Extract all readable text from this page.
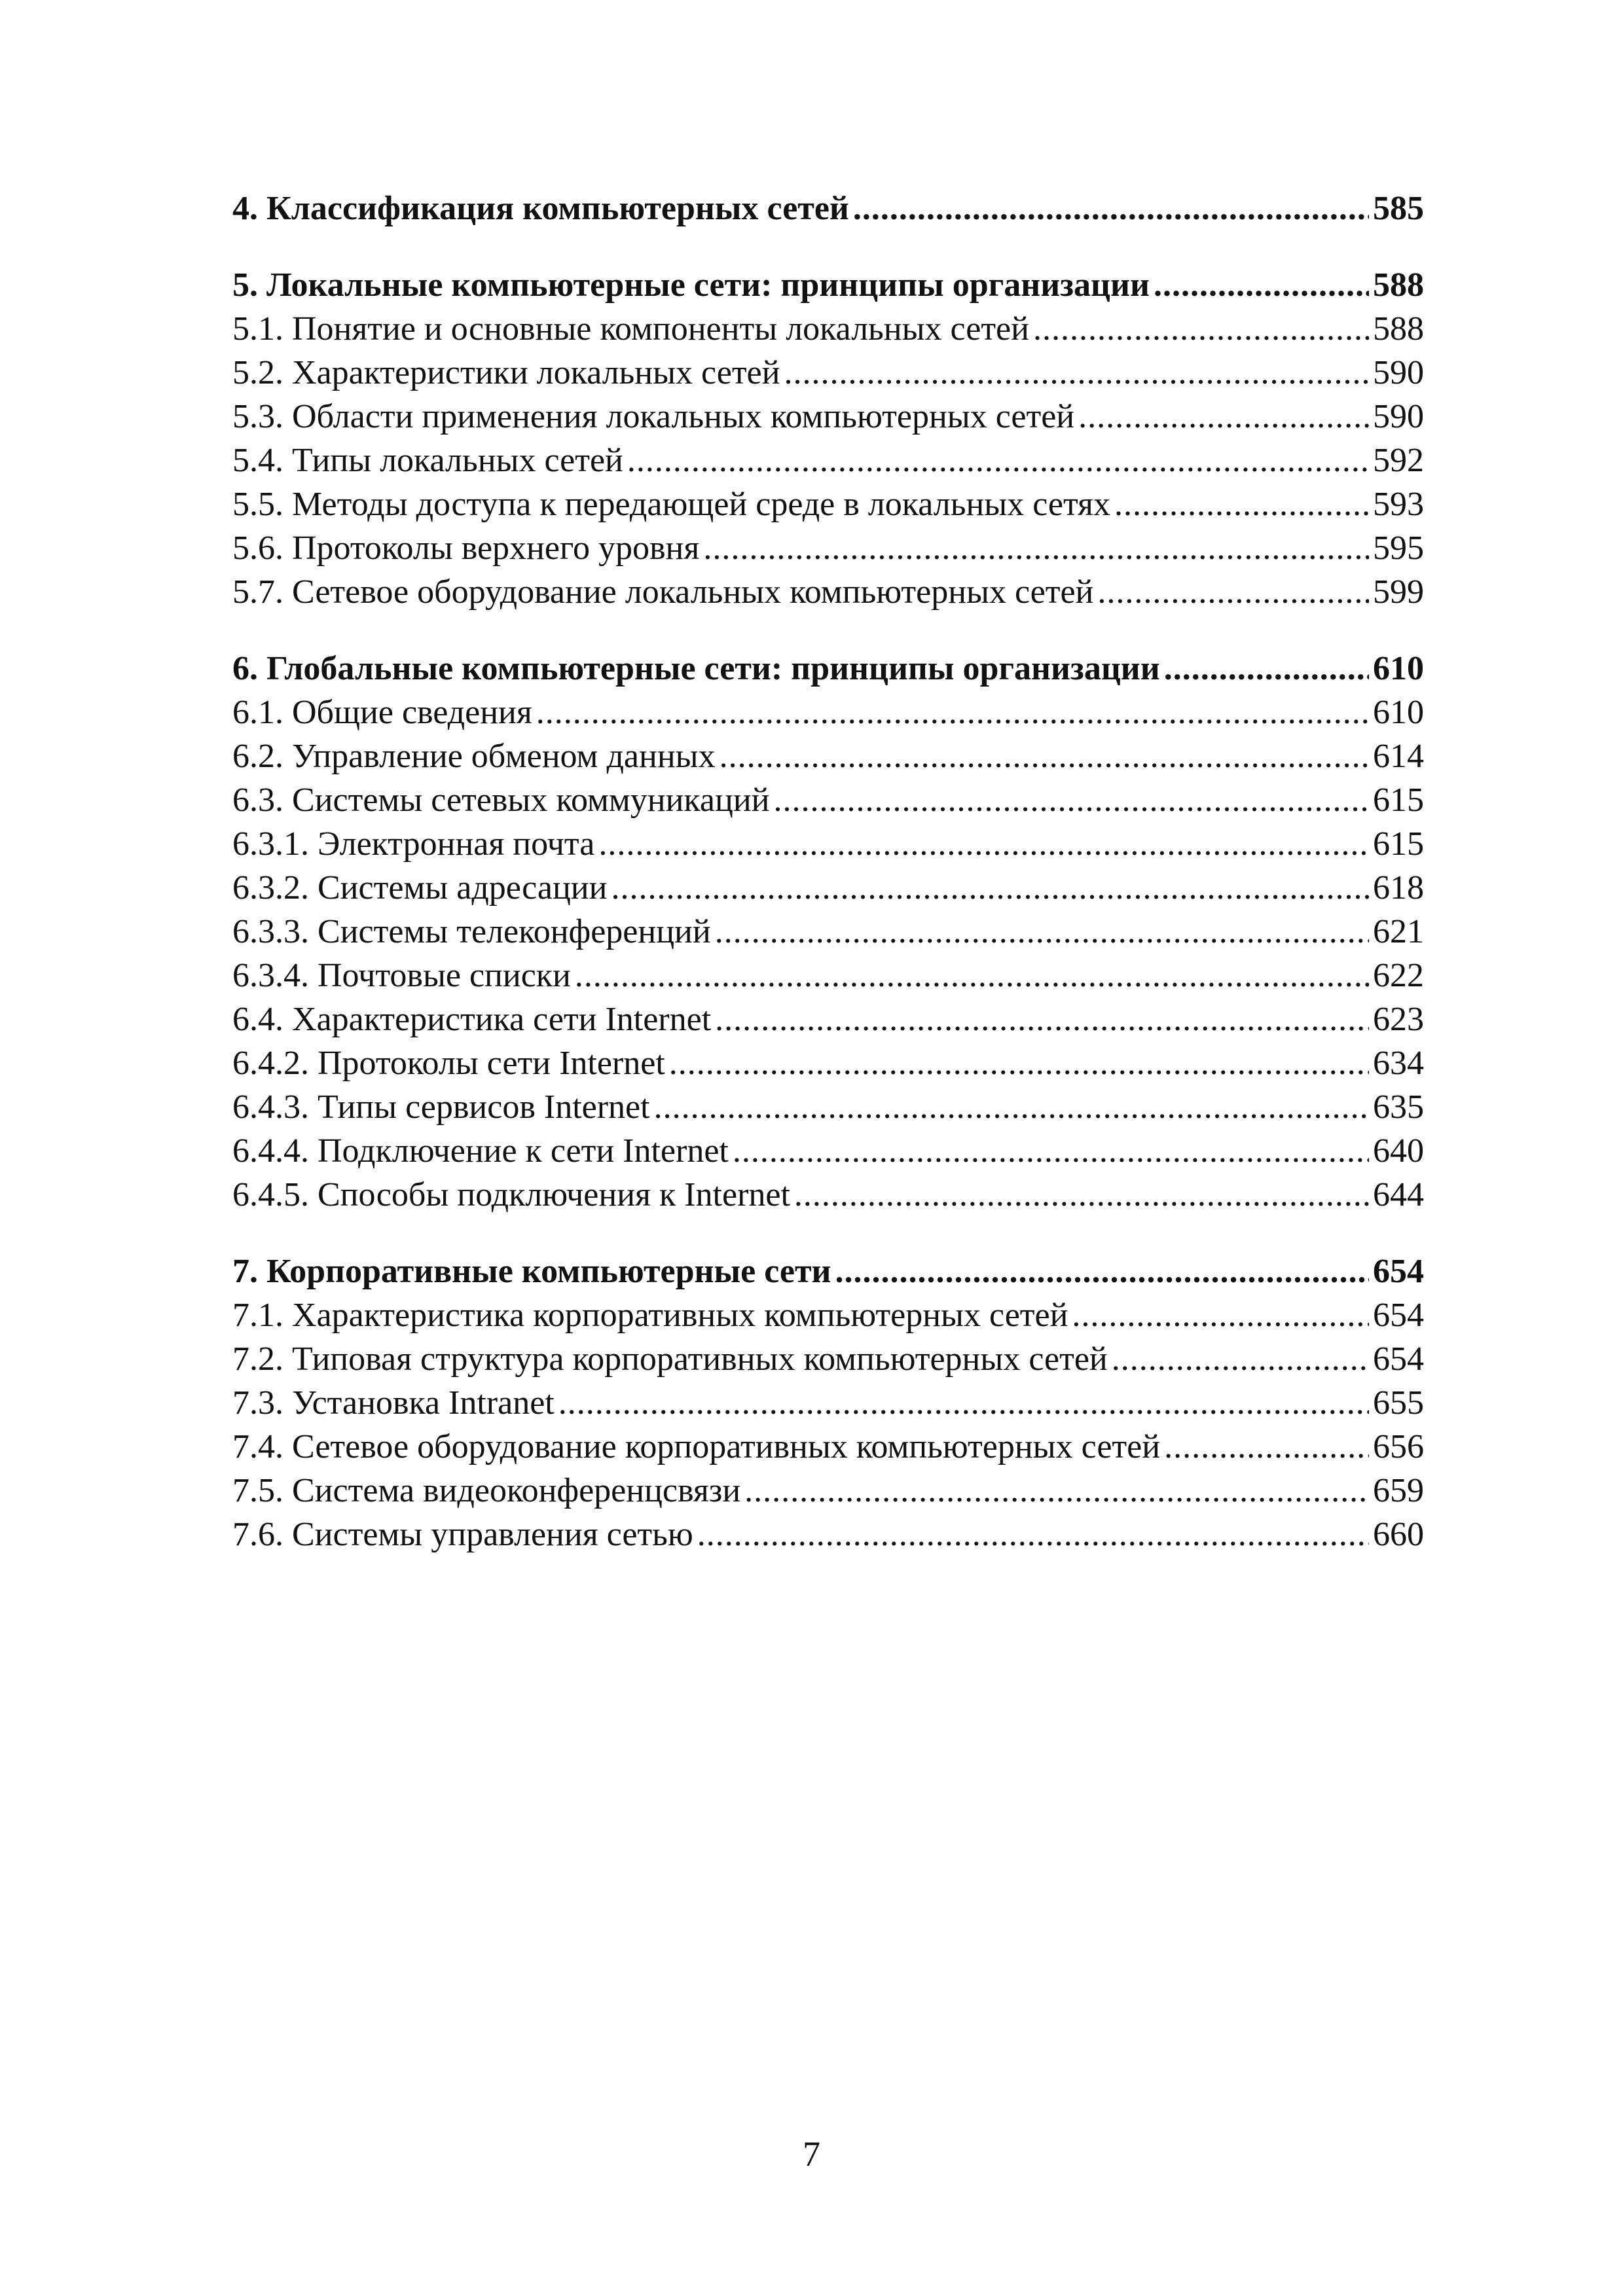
4. Классификация компьютерных сетей .....	585
5. Локальные компьютерные сети: принципы организации .....	588
5.1. Понятие и основные компоненты локальных сетей .....	588
5.2. Характеристики локальных сетей .....	590
5.3. Области применения локальных компьютерных сетей .....	590
5.4. Типы локальных сетей .....	592
5.5. Методы доступа к передающей среде в локальных сетях .....	593
5.6. Протоколы верхнего уровня .....	595
5.7. Сетевое оборудование локальных компьютерных сетей .....	599
6. Глобальные компьютерные сети: принципы организации .....	610
6.1. Общие сведения .....	610
6.2. Управление обменом данных .....	614
6.3. Системы сетевых коммуникаций .....	615
6.3.1. Электронная почта .....	615
6.3.2. Системы адресации .....	618
6.3.3. Системы телеконференций .....	621
6.3.4. Почтовые списки .....	622
6.4. Характеристика сети Internet .....	623
6.4.2. Протоколы сети Internet .....	634
6.4.3. Типы сервисов Internet .....	635
6.4.4. Подключение к сети Internet .....	640
6.4.5. Способы подключения к Internet .....	644
7. Корпоративные компьютерные сети .....	654
7.1. Характеристика корпоративных компьютерных сетей .....	654
7.2. Типовая структура корпоративных компьютерных сетей .....	654
7.3. Установка Intranet .....	655
7.4. Сетевое оборудование корпоративных компьютерных сетей .....	656
7.5. Система видеоконференцсвязи .....	659
7.6. Системы управления сетью .....	660
7
